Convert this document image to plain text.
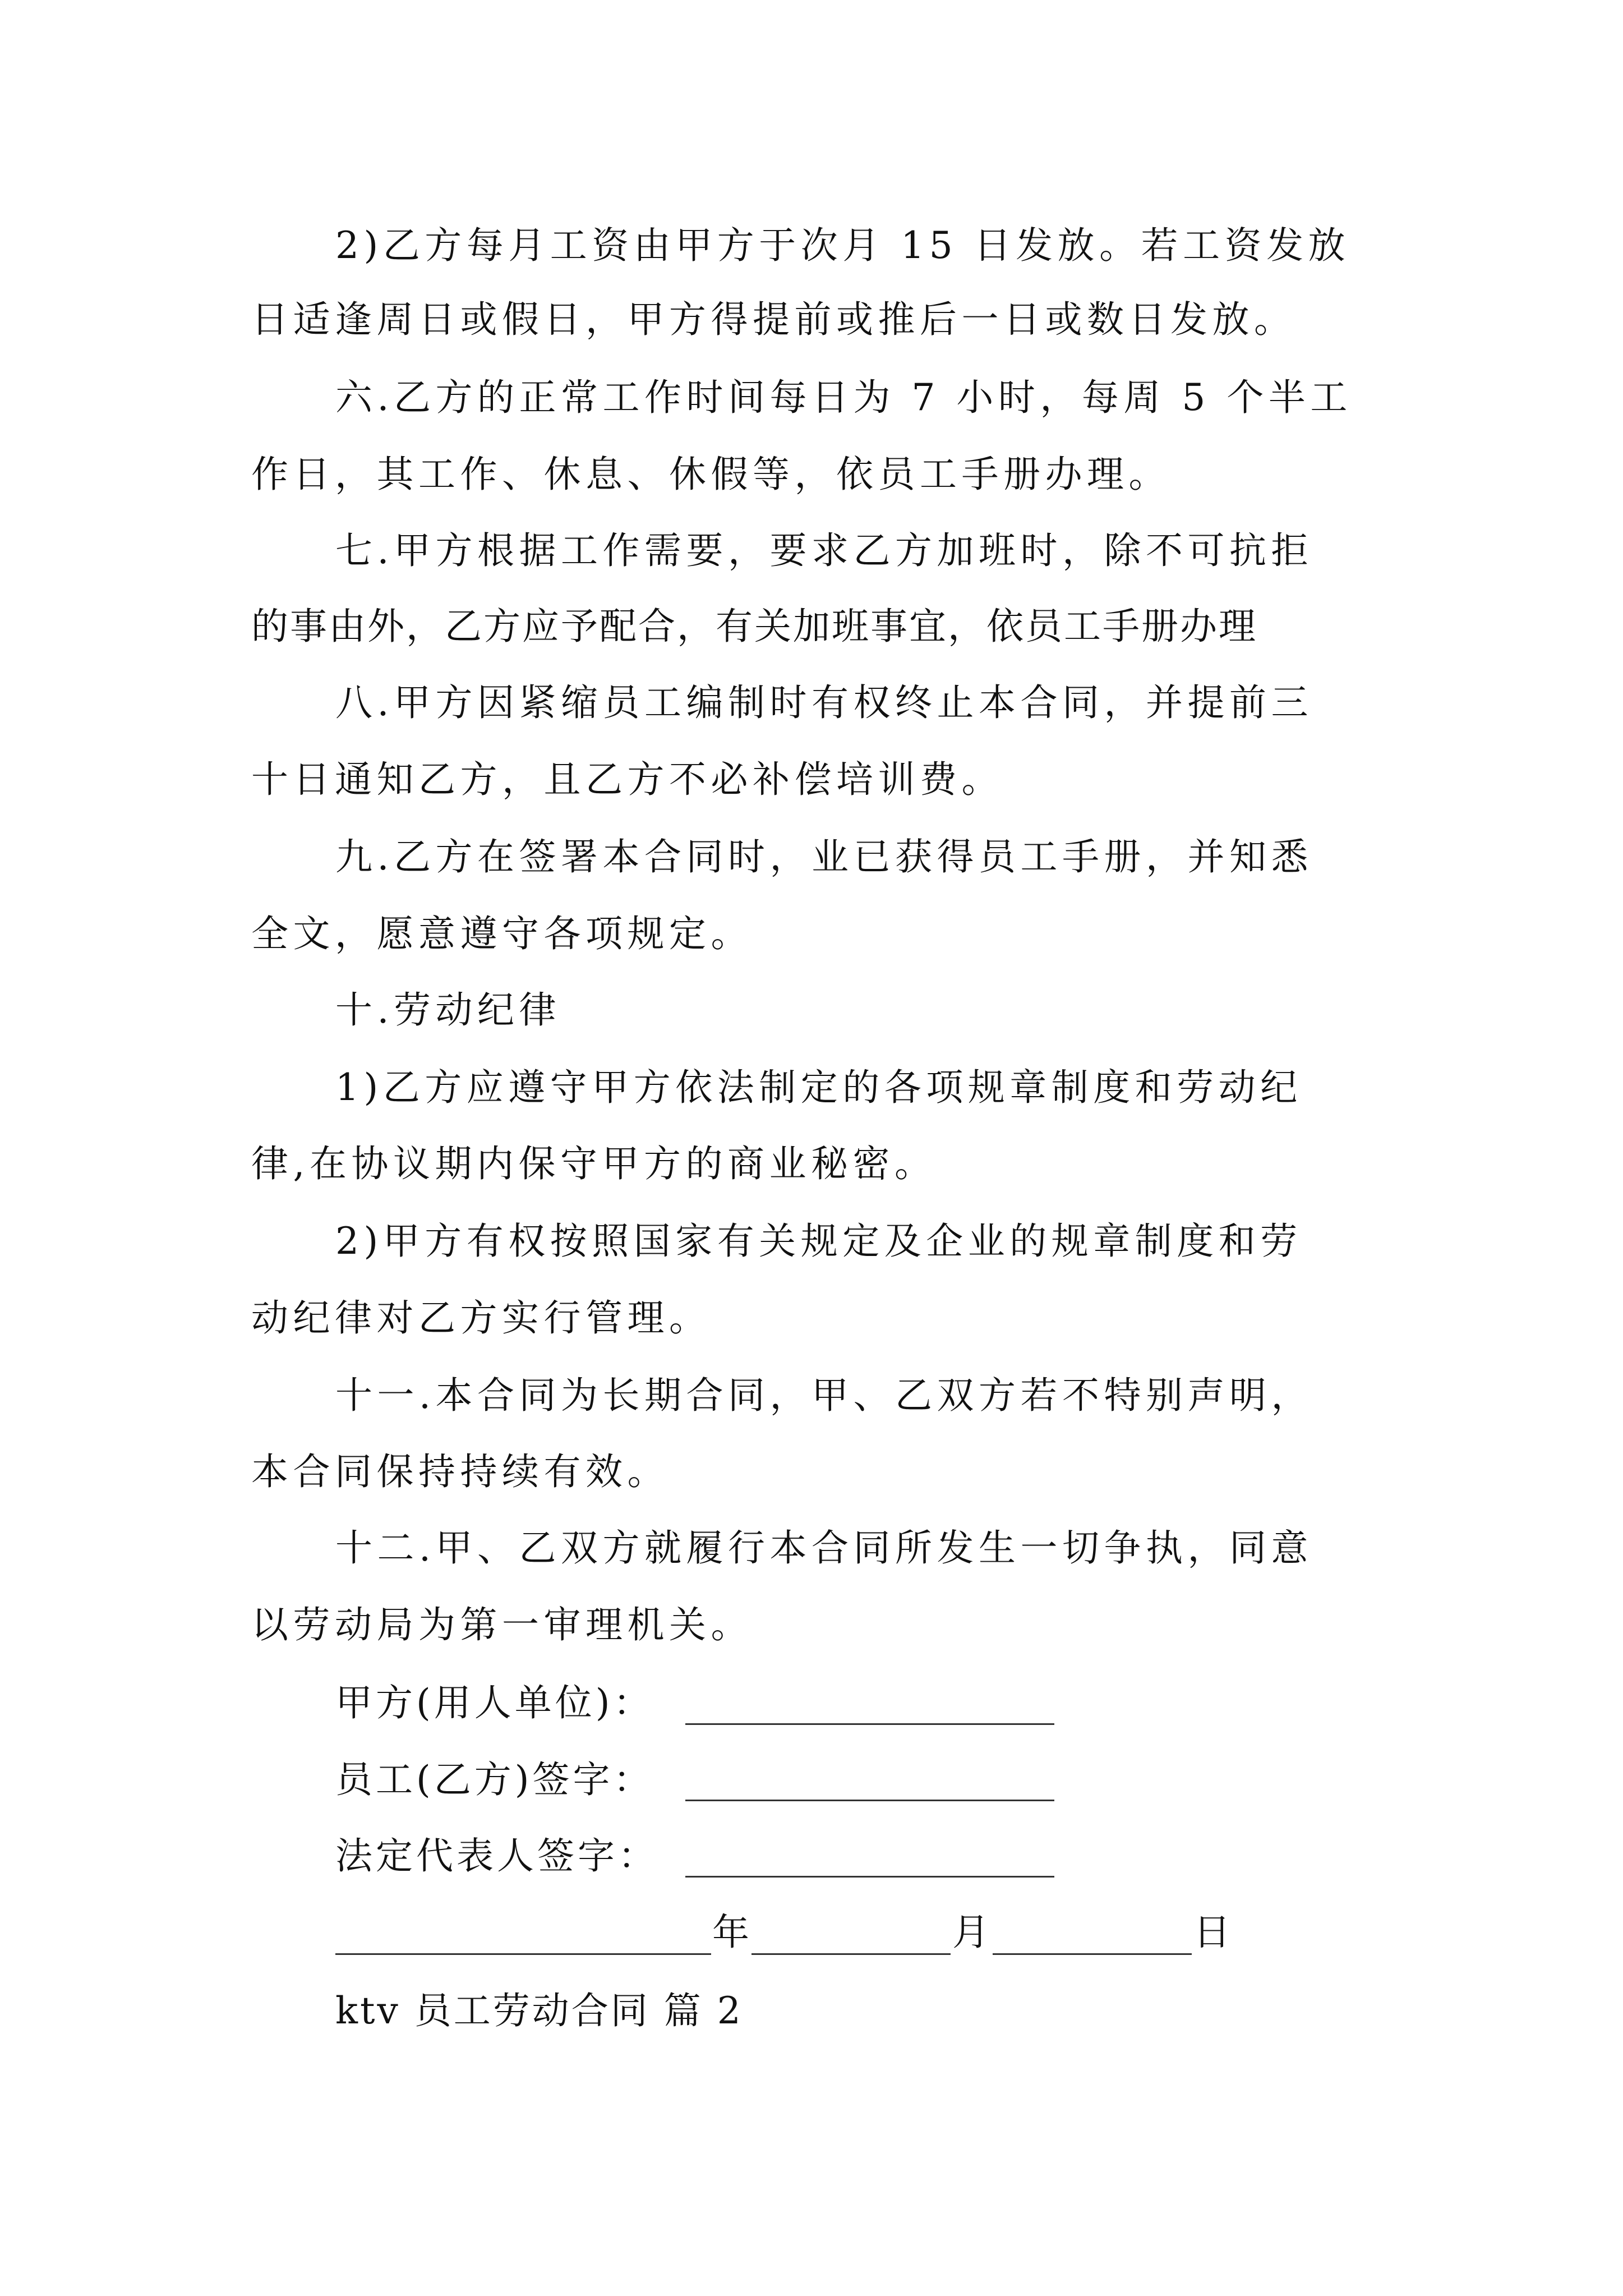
2)乙方每月工资由甲方于次月 15 日发放。若工资发放
日适逢周日或假日，甲方得提前或推后一日或数日发放。
六.乙方的正常工作时间每日为 7 小时，每周 5 个半工
作日，其工作、休息、休假等，依员工手册办理。
七.甲方根据工作需要，要求乙方加班时，除不可抗拒
的事由外，乙方应予配合，有关加班事宜，依员工手册办理
八.甲方因紧缩员工编制时有权终止本合同，并提前三
十日通知乙方，且乙方不必补偿培训费。
九.乙方在签署本合同时，业已获得员工手册，并知悉
全文，愿意遵守各项规定。
十.劳动纪律
1)乙方应遵守甲方依法制定的各项规章制度和劳动纪
律,在协议期内保守甲方的商业秘密。
2)甲方有权按照国家有关规定及企业的规章制度和劳
动纪律对乙方实行管理。
十一.本合同为长期合同，甲、乙双方若不特别声明，
本合同保持持续有效。
十二.甲、乙双方就履行本合同所发生一切争执，同意
以劳动局为第一审理机关。
甲方(用人单位)：
员工(乙方)签字：
法定代表人签字：
年	月	日
ktv 员工劳动合同 篇 2
